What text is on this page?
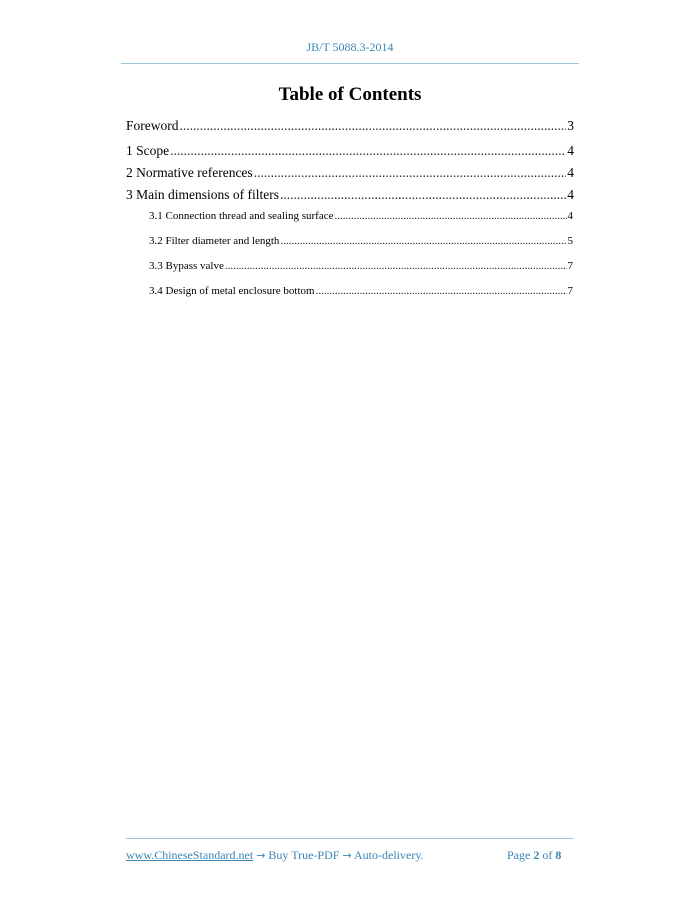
JB/T 5088.3-2014
Table of Contents
Foreword .....	3
1 Scope .....	4
2 Normative references .....	4
3 Main dimensions of filters .....	4
3.1 Connection thread and sealing surface .....	4
3.2 Filter diameter and length .....	5
3.3 Bypass valve .....	7
3.4 Design of metal enclosure bottom .....	7
www.ChineseStandard.net → Buy True-PDF → Auto-delivery.	Page 2 of 8
